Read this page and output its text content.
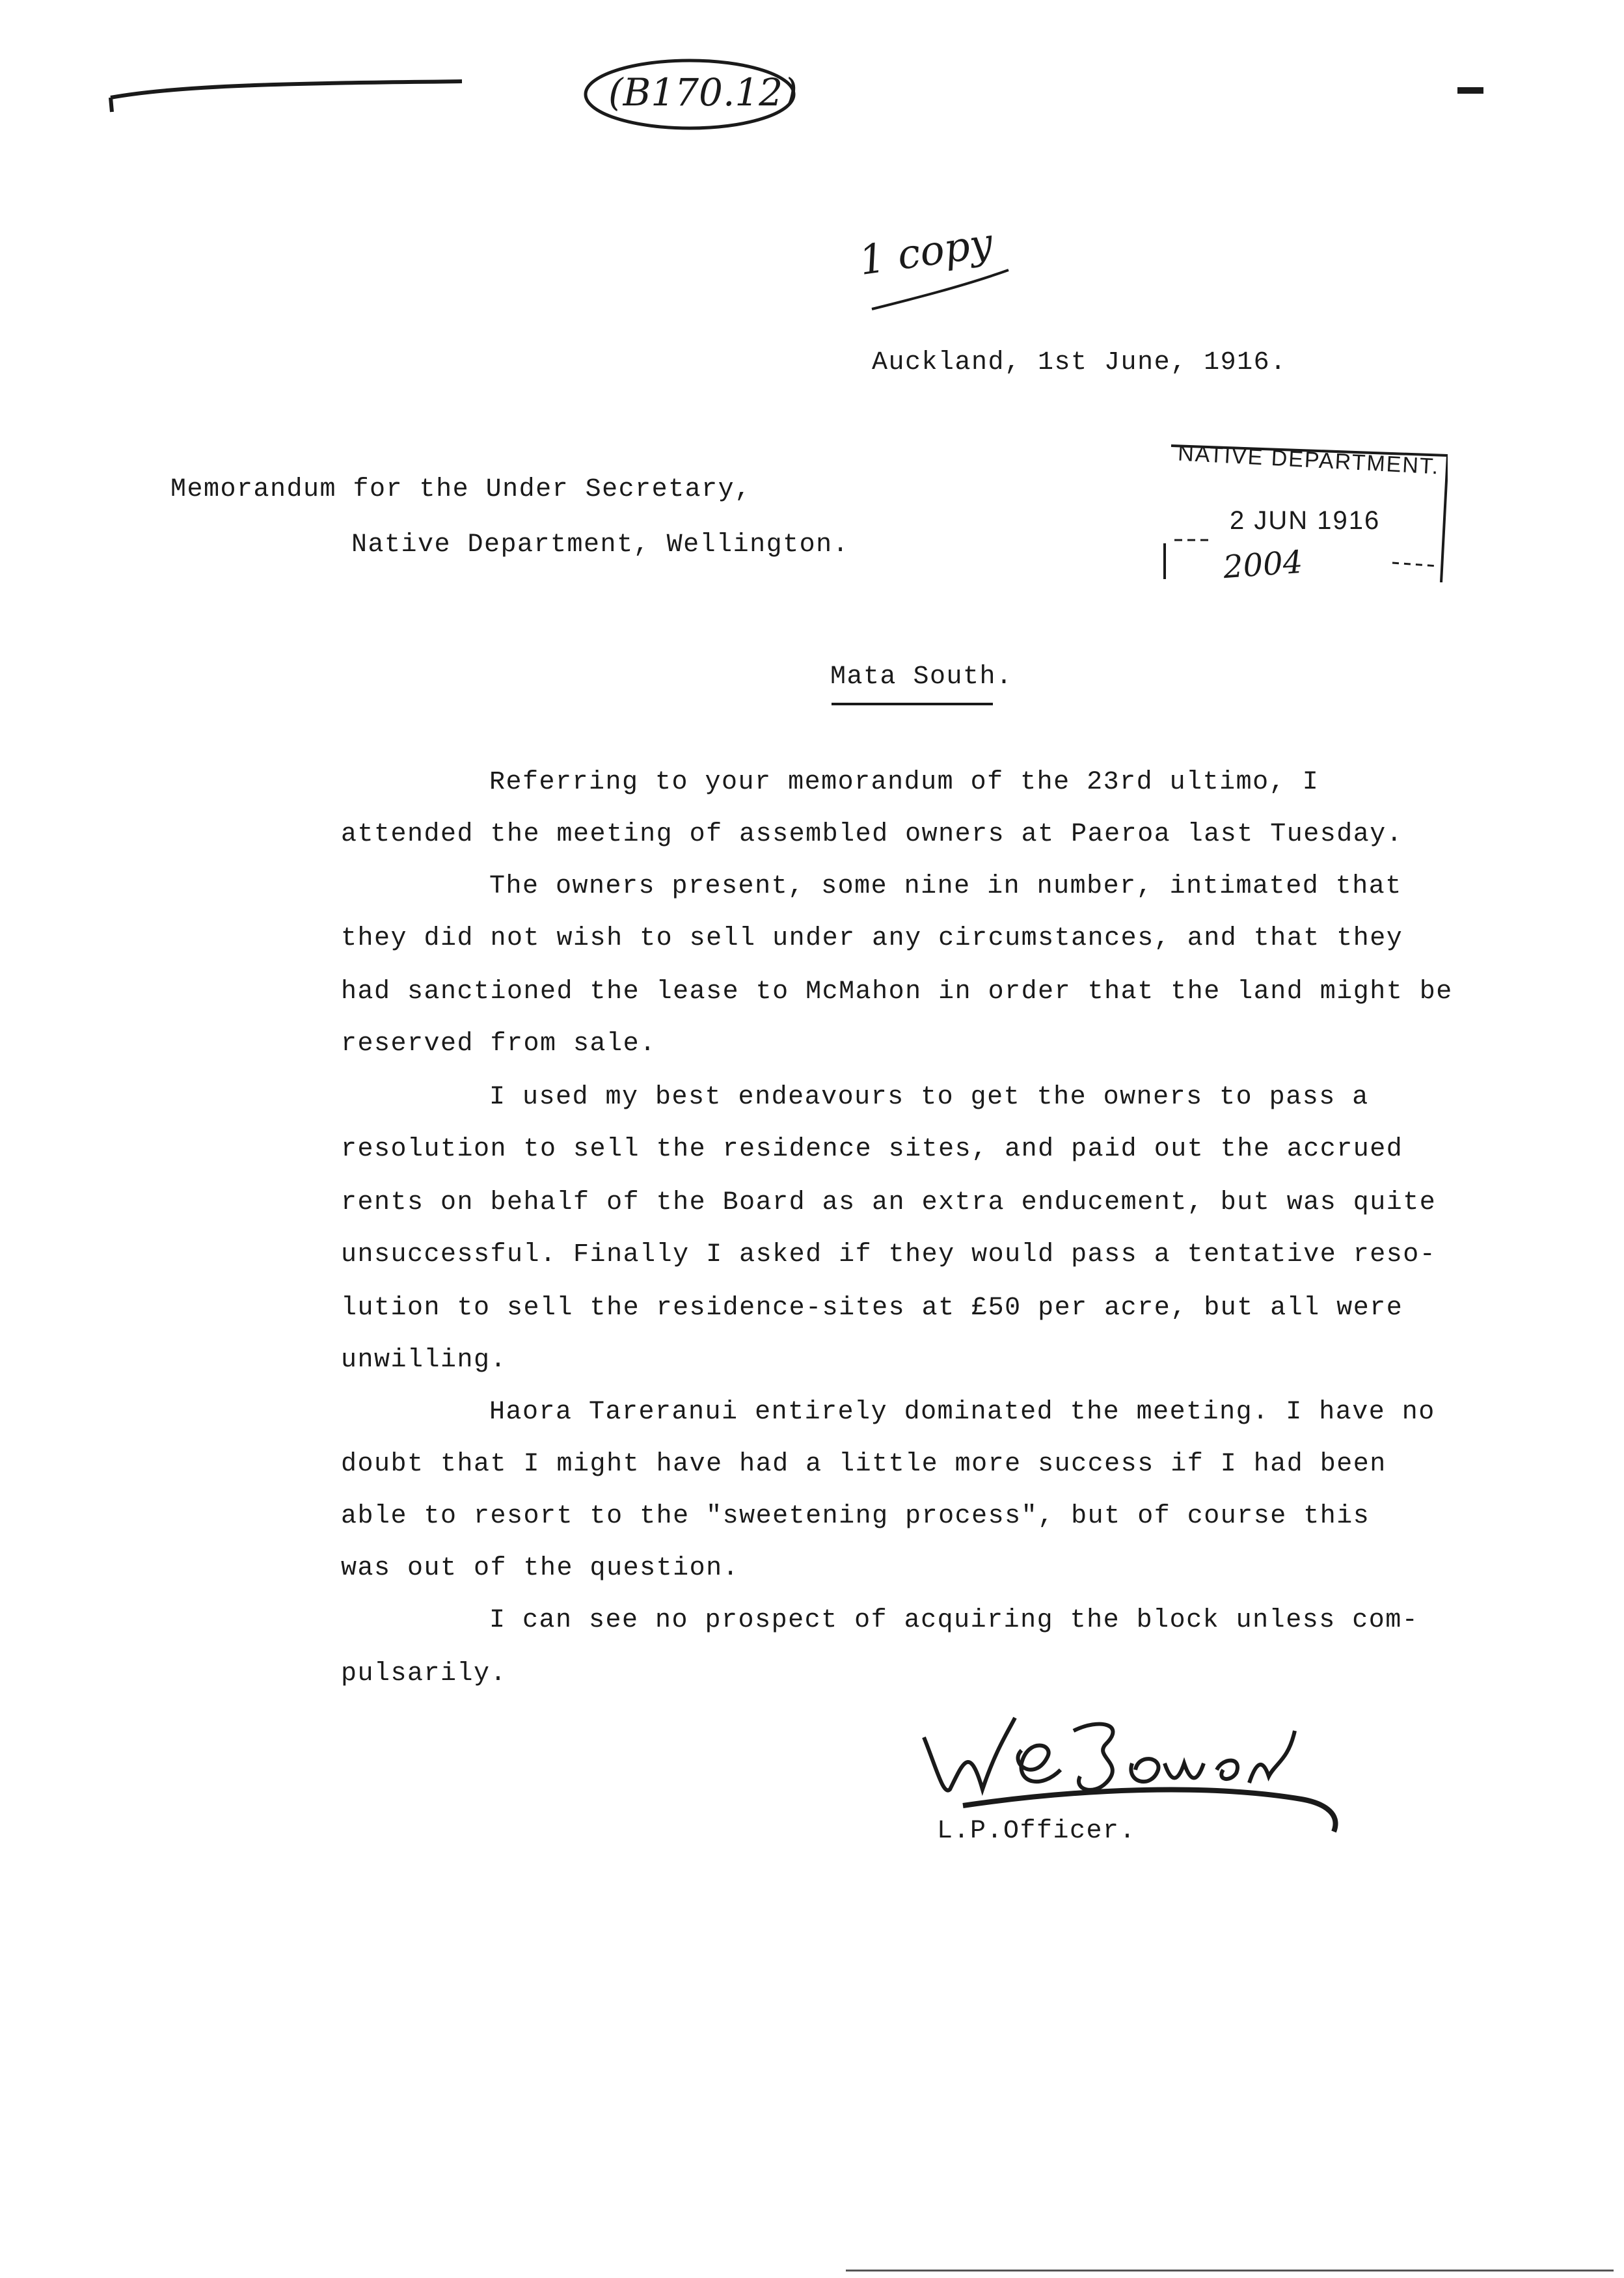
(B170.12)
1 copy
Auckland, 1st June, 1916.
Memorandum for the Under Secretary,
Native Department, Wellington.
NATIVE DEPARTMENT.
2 JUN 1916
2004
Mata South.
Referring to your memorandum of the 23rd ultimo, I
attended the meeting of assembled owners at Paeroa last Tuesday.
The owners present, some nine in number, intimated that
they did not wish to sell under any circumstances, and that they
had sanctioned the lease to McMahon in order that the land might be
reserved from sale.
I used my best endeavours to get the owners to pass a
resolution to sell the residence sites, and paid out the accrued
rents on behalf of the Board as an extra enducement, but was quite
unsuccessful. Finally I asked if they would pass a tentative reso-
lution to sell the residence-sites at £50 per acre, but all were
unwilling.
Haora Tareranui entirely dominated the meeting. I have no
doubt that I might have had a little more success if I had been
able to resort to the "sweetening process", but of course this
was out of the question.
I can see no prospect of acquiring the block unless com-
pulsarily.
L.P.Officer.
